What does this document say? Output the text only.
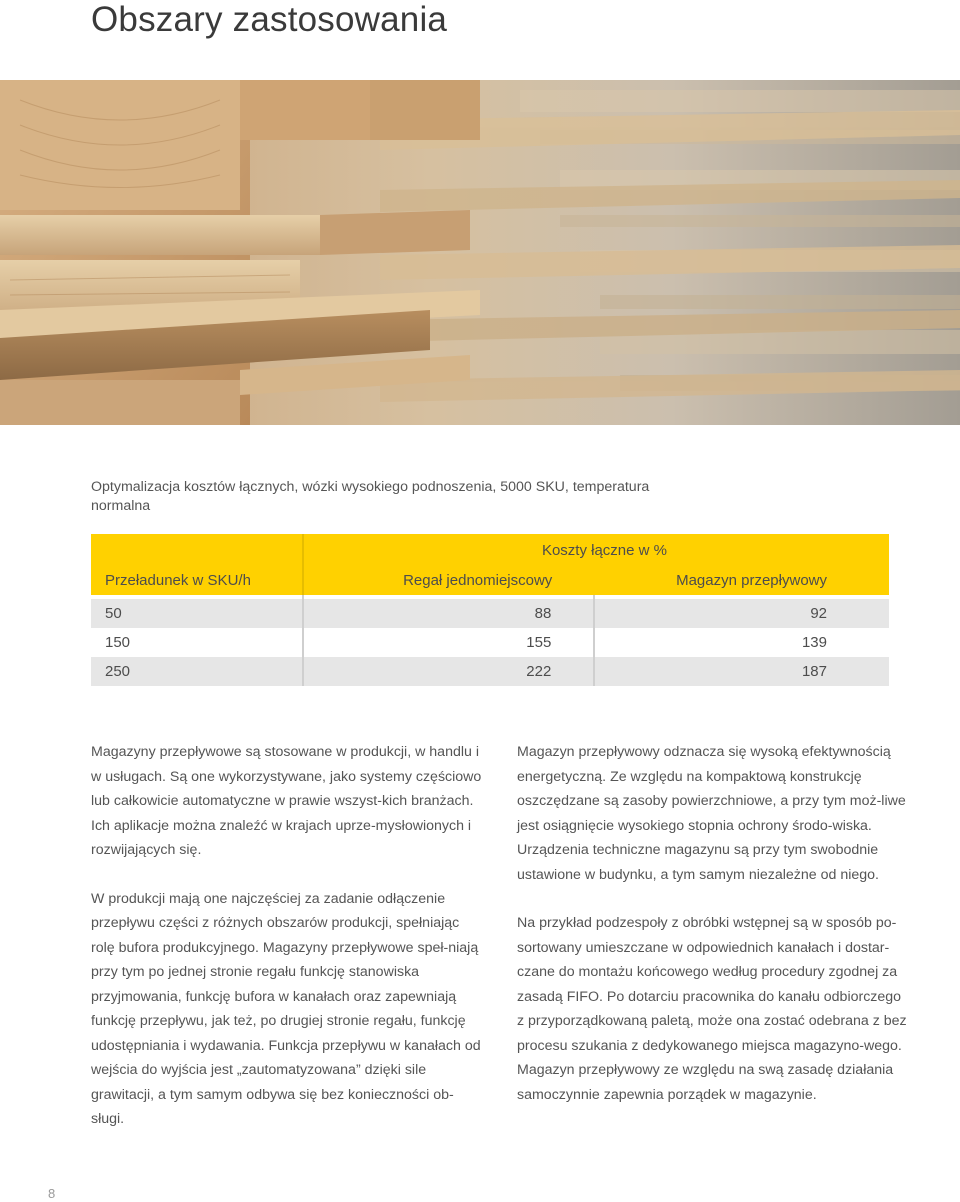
Obszary zastosowania
Optymalizacja kosztów łącznych, wózki wysokiego podnoszenia, 5000 SKU, temperatura normalna
	Koszty łączne w %	
Przeładunek w SKU/h	Regał jednomiejscowy	Magazyn przepływowy

50	88	92
150	155	139
250	222	187

Magazyny przepływowe są stosowane w produkcji, w handlu i w usługach. Są one wykorzystywane, jako systemy częściowo lub całkowicie automatyczne w prawie wszyst-kich branżach. Ich aplikacje można znaleźć w krajach uprze-mysłowionych i rozwijających się.

W produkcji mają one najczęściej za zadanie odłączenie przepływu części z różnych obszarów produkcji, spełniając rolę bufora produkcyjnego. Magazyny przepływowe speł-niają przy tym po jednej stronie regału funkcję stanowiska przyjmowania, funkcję bufora w kanałach oraz zapewniają funkcję przepływu, jak też, po drugiej stronie regału, funkcję udostępniania i wydawania. Funkcja przepływu w kanałach od wejścia do wyjścia jest „zautomatyzowana” dzięki sile grawitacji, a tym samym odbywa się bez konieczności ob-sługi.

Magazyn przepływowy odznacza się wysoką efektywnością energetyczną. Ze względu na kompaktową konstrukcję oszczędzane są zasoby powierzchniowe, a przy tym moż-liwe jest osiągnięcie wysokiego stopnia ochrony środo-wiska. Urządzenia techniczne magazynu są przy tym swobodnie ustawione w budynku, a tym samym niezależne od niego.

Na przykład podzespoły z obróbki wstępnej są w sposób po-sortowany umieszczane w odpowiednich kanałach i dostar-czane do montażu końcowego według procedury zgodnej za zasadą FIFO. Po dotarciu pracownika do kanału odbiorczego z przyporządkowaną paletą, może ona zostać odebrana z bez procesu szukania z dedykowanego miejsca magazyno-wego. Magazyn przepływowy ze względu na swą zasadę działania samoczynnie zapewnia porządek w magazynie.

8
